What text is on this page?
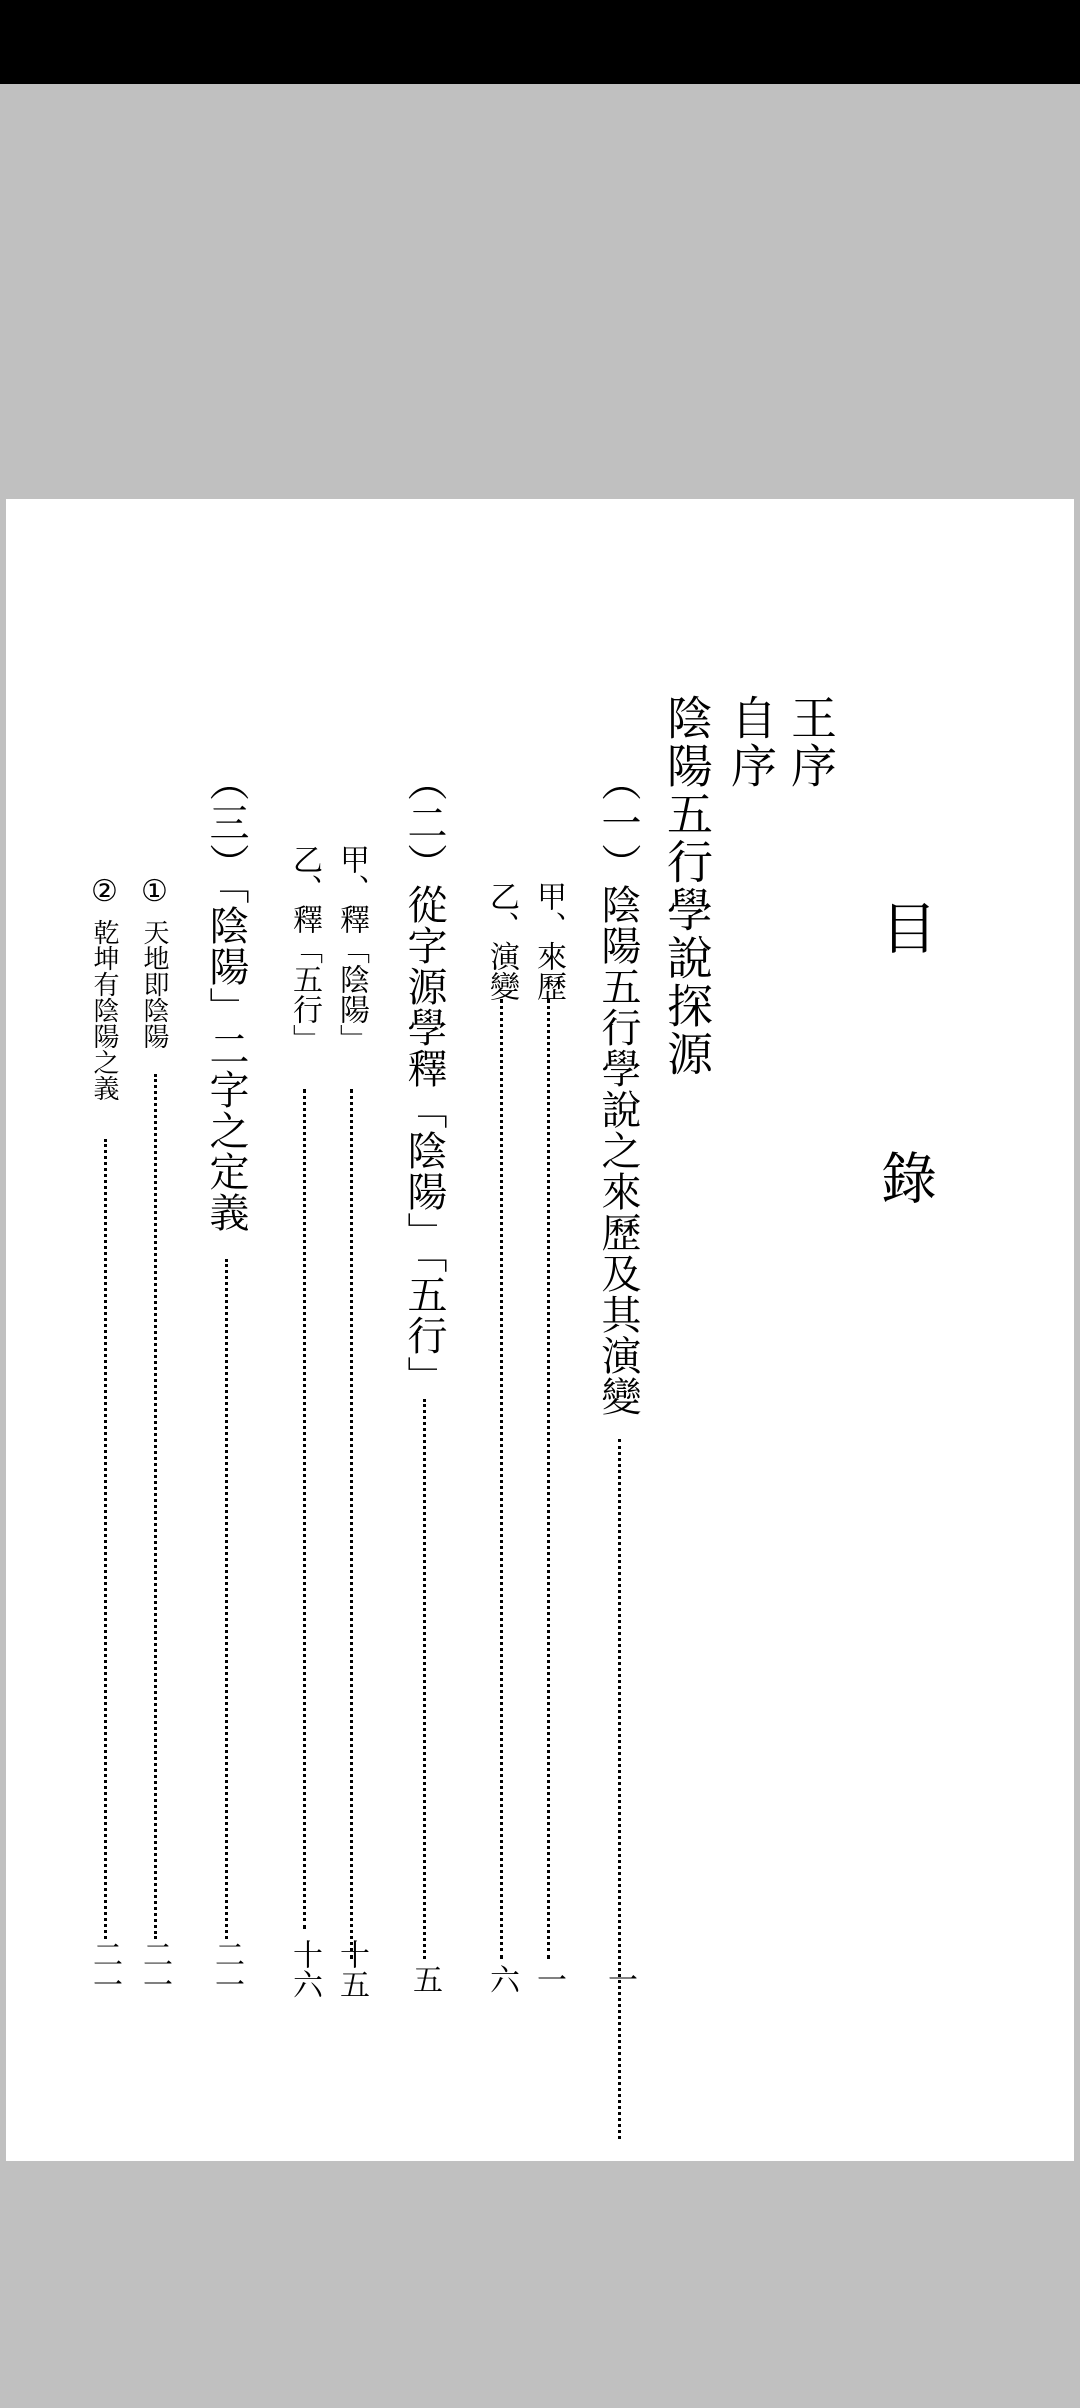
目
錄
王序
自序
陰陽五行學說探源
（一）陰陽五行學說之來歷及其演變
一
甲、來歷
一
乙、演變
六
（二）從字源學釋「陰陽」「五行」
五
甲、釋「陰陽」
十五
乙、釋「五行」
十六
（三）「陰陽」二字之定義
二一
①
天地即陰陽
二一
②
乾坤有陰陽之義
二一
